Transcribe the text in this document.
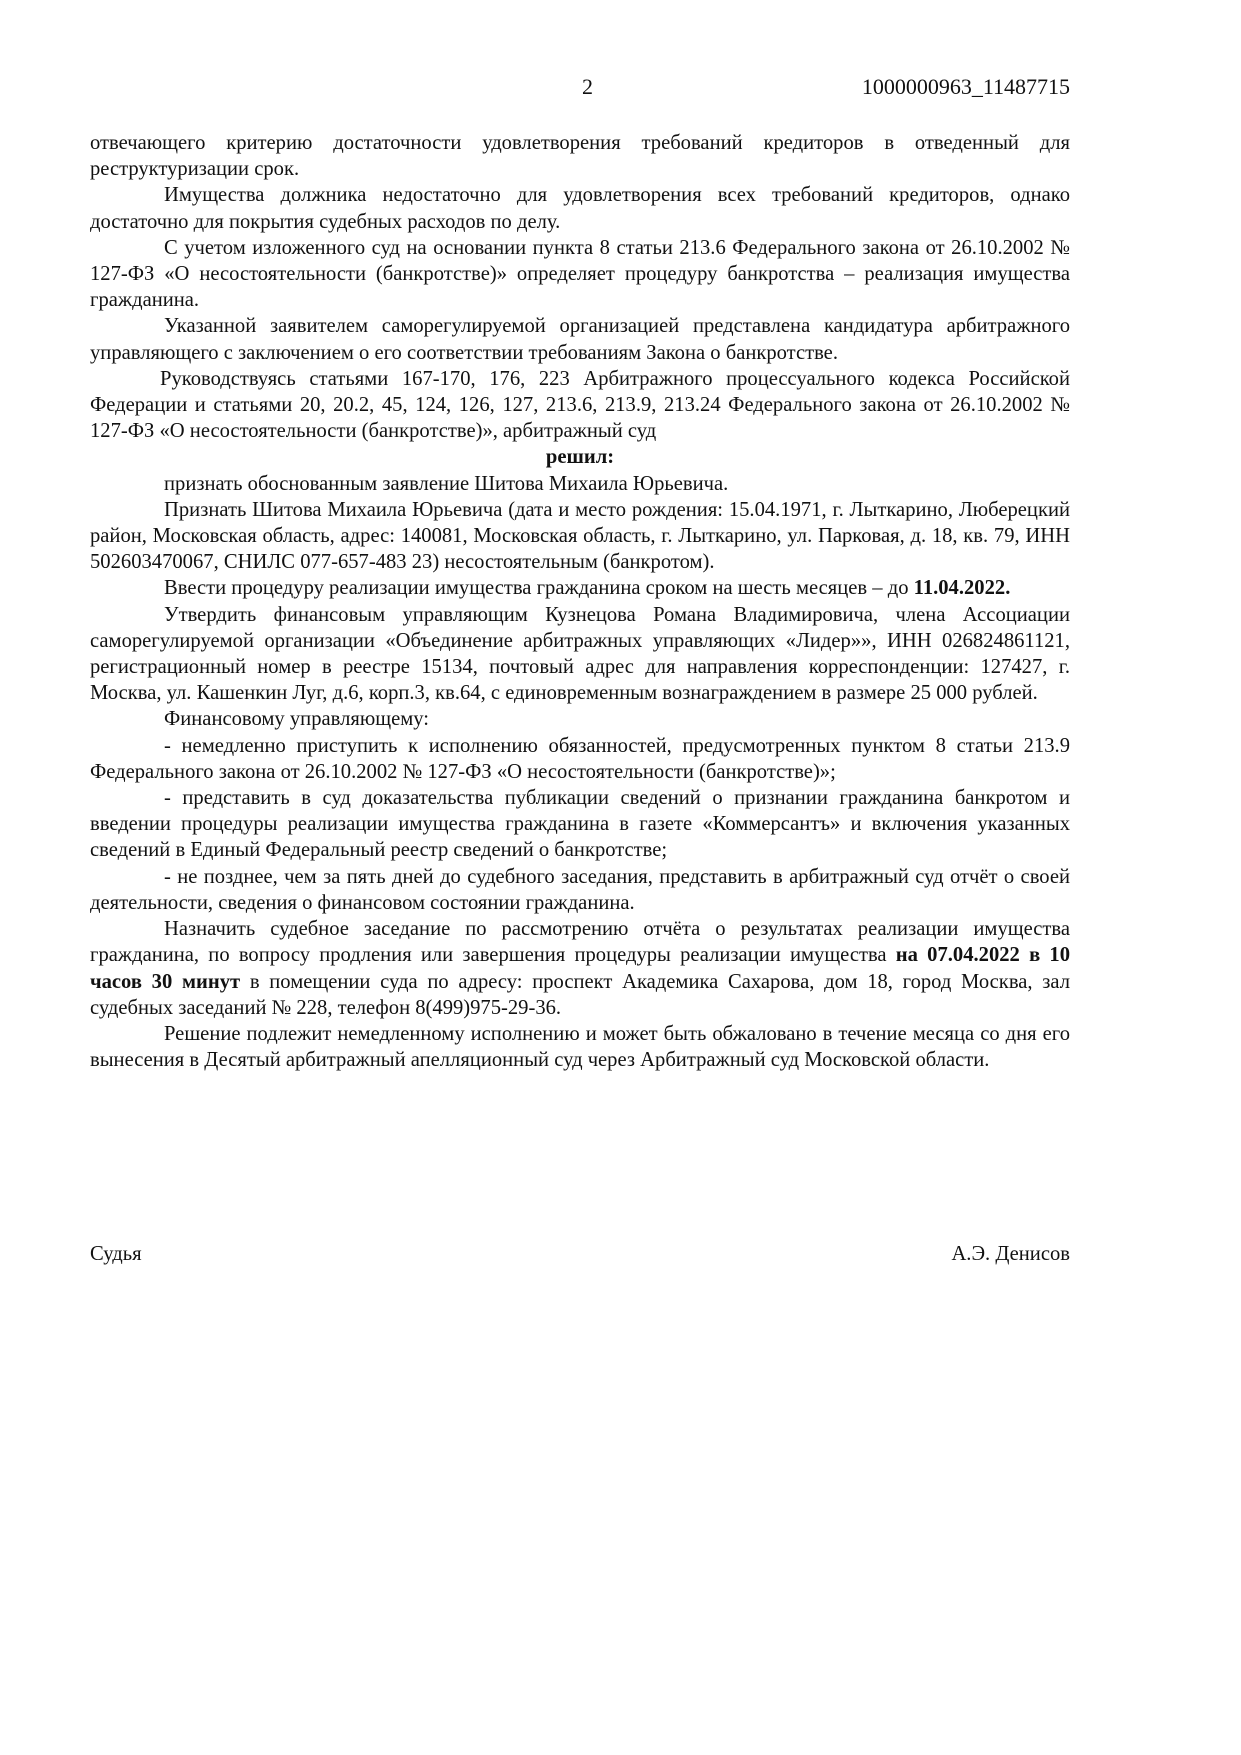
2	1000000963_11487715

отвечающего критерию достаточности удовлетворения требований кредиторов в отведенный для реструктуризации срок.

Имущества должника недостаточно для удовлетворения всех требований кредиторов, однако достаточно для покрытия судебных расходов по делу.

С учетом изложенного суд на основании пункта 8 статьи 213.6 Федерального закона от 26.10.2002 № 127-ФЗ «О несостоятельности (банкротстве)» определяет процедуру банкротства – реализация имущества гражданина.

Указанной заявителем саморегулируемой организацией представлена кандидатура арбитражного управляющего с заключением о его соответствии требованиям Закона о банкротстве.

Руководствуясь статьями 167-170, 176, 223 Арбитражного процессуального кодекса Российской Федерации и статьями 20, 20.2, 45, 124, 126, 127, 213.6, 213.9, 213.24 Федерального закона от 26.10.2002 № 127-ФЗ «О несостоятельности (банкротстве)», арбитражный суд

решил:

признать обоснованным заявление Шитова Михаила Юрьевича.

Признать Шитова Михаила Юрьевича (дата и место рождения: 15.04.1971, г. Лыткарино, Люберецкий район, Московская область, адрес: 140081, Московская область, г. Лыткарино, ул. Парковая, д. 18, кв. 79, ИНН 502603470067, СНИЛС 077-657-483 23) несостоятельным (банкротом).

Ввести процедуру реализации имущества гражданина сроком на шесть месяцев – до 11.04.2022.

Утвердить финансовым управляющим Кузнецова Романа Владимировича, члена Ассоциации саморегулируемой организации «Объединение арбитражных управляющих «Лидер»», ИНН 026824861121, регистрационный номер в реестре 15134, почтовый адрес для направления корреспонденции: 127427, г. Москва, ул. Кашенкин Луг, д.6, корп.3, кв.64, с единовременным вознаграждением в размере 25 000 рублей.

Финансовому управляющему:

- немедленно приступить к исполнению обязанностей, предусмотренных пунктом 8 статьи 213.9 Федерального закона от 26.10.2002 № 127-ФЗ «О несостоятельности (банкротстве)»;

- представить в суд доказательства публикации сведений о признании гражданина банкротом и введении процедуры реализации имущества гражданина в газете «Коммерсантъ» и включения указанных сведений в Единый Федеральный реестр сведений о банкротстве;

- не позднее, чем за пять дней до судебного заседания, представить в арбитражный суд отчёт о своей деятельности, сведения о финансовом состоянии гражданина.

Назначить судебное заседание по рассмотрению отчёта о результатах реализации имущества гражданина, по вопросу продления или завершения процедуры реализации имущества на 07.04.2022 в 10 часов 30 минут в помещении суда по адресу: проспект Академика Сахарова, дом 18, город Москва, зал судебных заседаний № 228, телефон 8(499)975-29-36.

Решение подлежит немедленному исполнению и может быть обжаловано в течение месяца со дня его вынесения в Десятый арбитражный апелляционный суд через Арбитражный суд Московской области.

Судья	А.Э. Денисов
